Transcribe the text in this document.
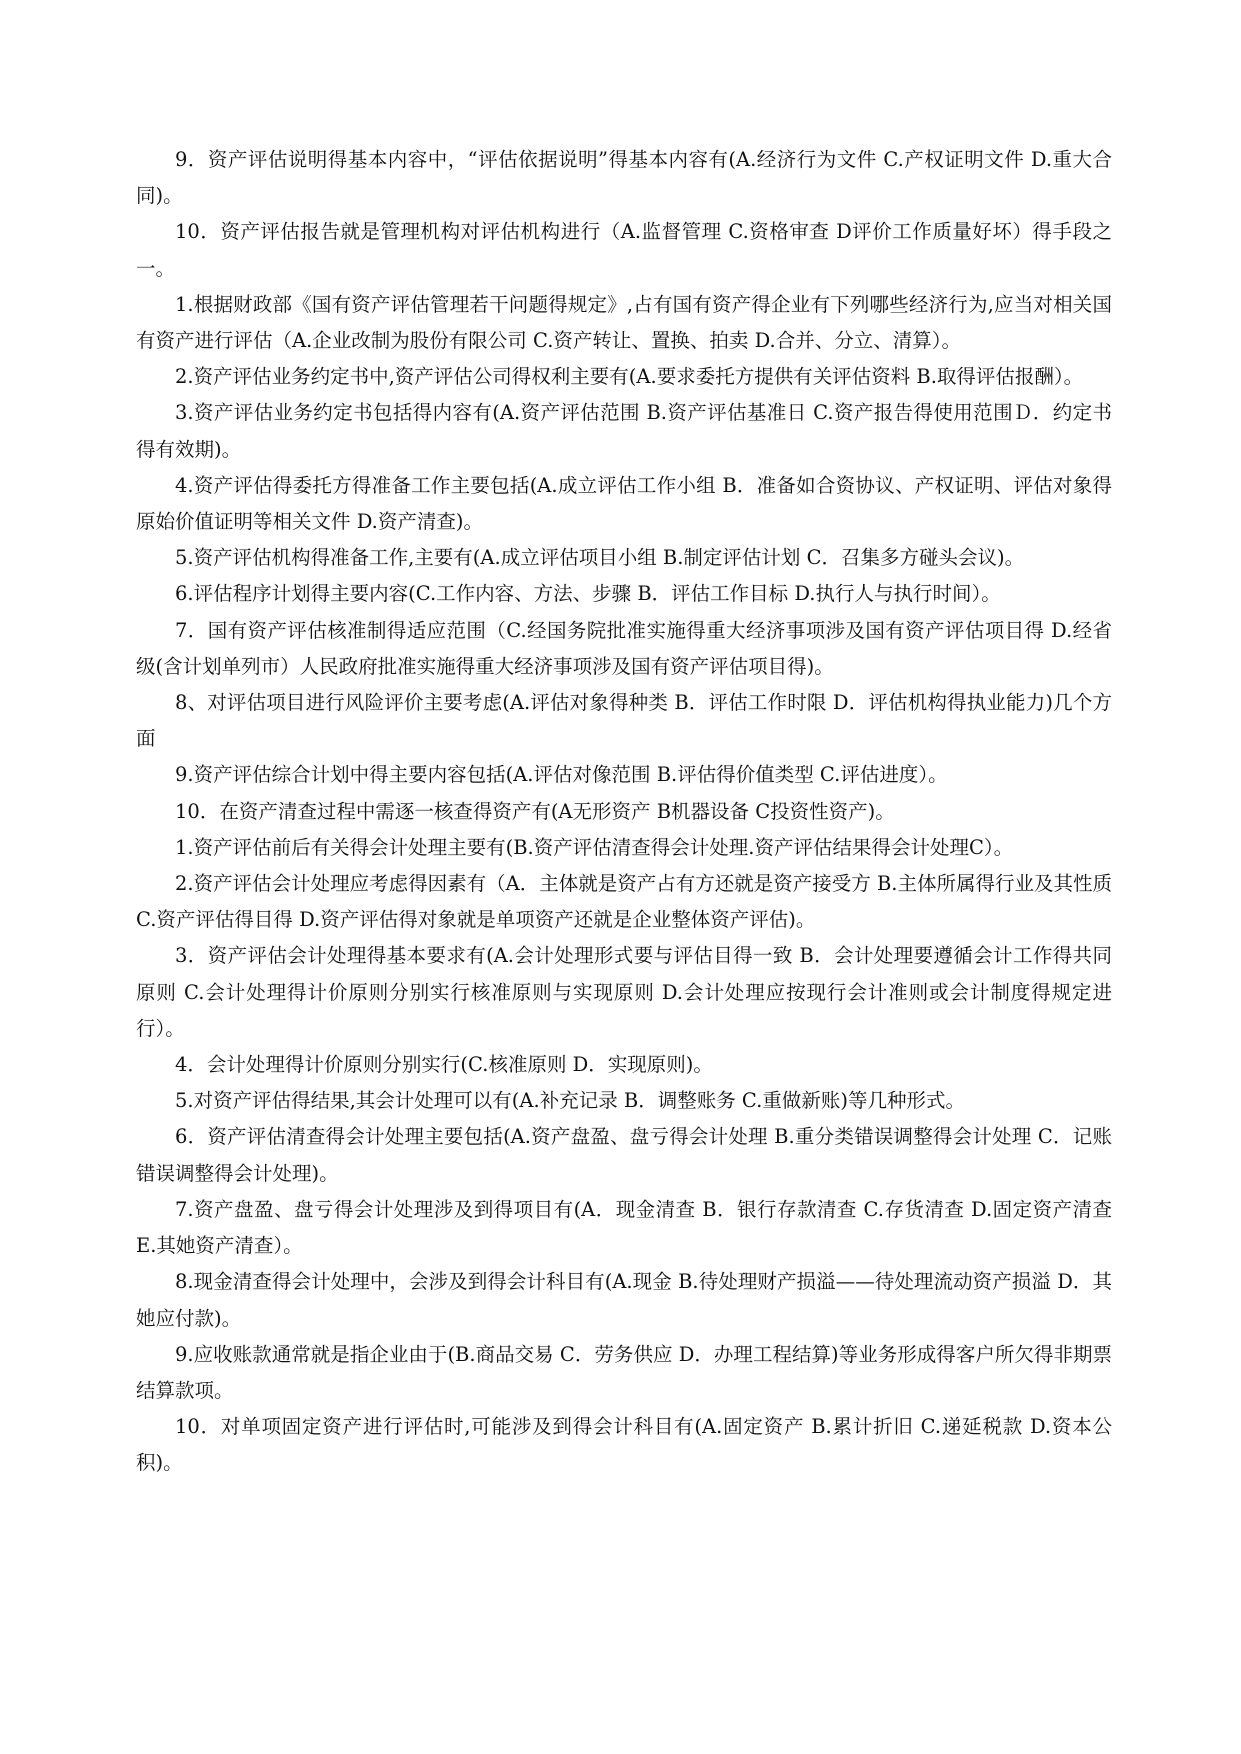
9．资产评估说明得基本内容中，“评估依据说明”得基本内容有(A.经济行为文件 C.产权证明文件 D.重大合同)。

10．资产评估报告就是管理机构对评估机构进行（A.监督管理 C.资格审查 D评价工作质量好坏）得手段之一。

1.根据财政部《国有资产评估管理若干问题得规定》,占有国有资产得企业有下列哪些经济行为,应当对相关国有资产进行评估（A.企业改制为股份有限公司 C.资产转让、置换、拍卖 D.合并、分立、清算）。

2.资产评估业务约定书中,资产评估公司得权利主要有(A.要求委托方提供有关评估资料 B.取得评估报酬）。

3.资产评估业务约定书包括得内容有(A.资产评估范围 B.资产评估基准日 C.资产报告得使用范围Ｄ．约定书得有效期)。

4.资产评估得委托方得准备工作主要包括(A.成立评估工作小组 B．准备如合资协议、产权证明、评估对象得原始价值证明等相关文件 D.资产清查)。

5.资产评估机构得准备工作,主要有(A.成立评估项目小组 B.制定评估计划 C．召集多方碰头会议)。

6.评估程序计划得主要内容(C.工作内容、方法、步骤 B．评估工作目标 D.执行人与执行时间）。

7．国有资产评估核准制得适应范围（C.经国务院批准实施得重大经济事项涉及国有资产评估项目得 D.经省级(含计划单列市）人民政府批准实施得重大经济事项涉及国有资产评估项目得)。

8、对评估项目进行风险评价主要考虑(A.评估对象得种类 B．评估工作时限 D．评估机构得执业能力)几个方面

9.资产评估综合计划中得主要内容包括(A.评估对像范围 B.评估得价值类型 C.评估进度）。

10．在资产清查过程中需逐一核查得资产有(A无形资产 B机器设备 C投资性资产)。

1.资产评估前后有关得会计处理主要有(B.资产评估清查得会计处理.资产评估结果得会计处理C）。

2.资产评估会计处理应考虑得因素有（A．主体就是资产占有方还就是资产接受方 B.主体所属得行业及其性质 C.资产评估得目得 D.资产评估得对象就是单项资产还就是企业整体资产评估)。

3．资产评估会计处理得基本要求有(A.会计处理形式要与评估目得一致 B．会计处理要遵循会计工作得共同原则 C.会计处理得计价原则分别实行核准原则与实现原则 D.会计处理应按现行会计准则或会计制度得规定进行）。

4．会计处理得计价原则分别实行(C.核准原则 D．实现原则)。

5.对资产评估得结果,其会计处理可以有(A.补充记录 B．调整账务 C.重做新账)等几种形式。

6．资产评估清查得会计处理主要包括(A.资产盘盈、盘亏得会计处理 B.重分类错误调整得会计处理 C．记账错误调整得会计处理)。

7.资产盘盈、盘亏得会计处理涉及到得项目有(A．现金清查 B．银行存款清查 C.存货清查 D.固定资产清查 E.其她资产清查）。

8.现金清查得会计处理中，会涉及到得会计科目有(A.现金 B.待处理财产损溢——待处理流动资产损溢 D．其她应付款)。

9.应收账款通常就是指企业由于(B.商品交易 C．劳务供应 D．办理工程结算)等业务形成得客户所欠得非期票结算款项。

10．对单项固定资产进行评估时,可能涉及到得会计科目有(A.固定资产 B.累计折旧 C.递延税款 D.资本公积)。
